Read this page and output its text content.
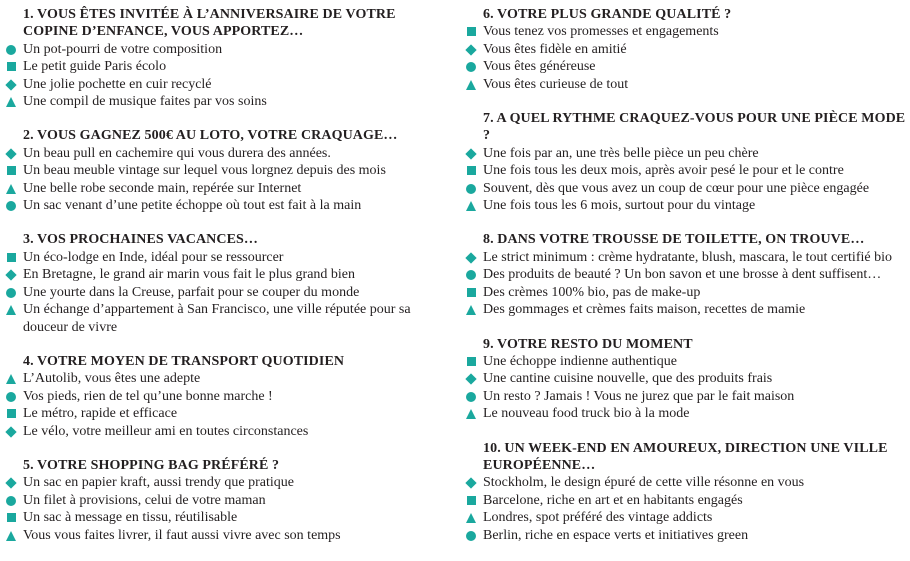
1. VOUS ÊTES INVITÉE À L’ANNIVERSAIRE DE VOTRE COPINE D’ENFANCE, VOUS APPORTEZ…

Un pot-pourri de votre composition

Le petit guide Paris écolo

Une jolie pochette en cuir recyclé

Une compil de musique faites par vos soins

2. VOUS GAGNEZ 500€ AU LOTO, VOTRE CRAQUAGE…

Un beau pull en cachemire qui vous durera des années.

Un beau meuble vintage sur lequel vous lorgnez depuis des mois

Une belle robe seconde main, repérée sur Internet

Un sac venant d’une petite échoppe où tout est fait à la main

3. VOS PROCHAINES VACANCES…

Un éco-lodge en Inde, idéal pour se ressourcer

En Bretagne, le grand air marin vous fait le plus grand bien

Une yourte dans la Creuse, parfait pour se couper du monde

Un échange d’appartement à San Francisco, une ville réputée pour sa douceur de vivre

4. VOTRE MOYEN DE TRANSPORT QUOTIDIEN

L’Autolib, vous êtes une adepte

Vos pieds, rien de tel qu’une bonne marche !

Le métro, rapide et efficace

Le vélo, votre meilleur ami en toutes circonstances

5. VOTRE SHOPPING BAG PRÉFÉRÉ ?

Un sac en papier kraft, aussi trendy que pratique

Un filet à provisions, celui de votre maman

Un sac à message en tissu, réutilisable

Vous vous faites livrer, il faut aussi vivre avec son temps

6. VOTRE PLUS GRANDE QUALITÉ ?

Vous tenez vos promesses et engagements

Vous êtes fidèle en amitié

Vous êtes généreuse

Vous êtes curieuse de tout

7. A QUEL RYTHME CRAQUEZ-VOUS POUR UNE PIÈCE MODE ?

Une fois par an, une très belle pièce un peu chère

Une fois tous les deux mois, après avoir pesé le pour et le contre

Souvent, dès que vous avez un coup de cœur pour une pièce engagée

Une fois tous les 6 mois, surtout pour du vintage

8. DANS VOTRE TROUSSE DE TOILETTE, ON TROUVE…

Le strict minimum : crème hydratante, blush, mascara, le tout certifié bio

Des produits de beauté ? Un bon savon et une brosse à dent suffisent…

Des crèmes 100% bio, pas de make-up

Des gommages et crèmes faits maison, recettes de mamie

9. VOTRE RESTO DU MOMENT

Une échoppe indienne authentique

Une cantine cuisine nouvelle, que des produits frais

Un resto ? Jamais ! Vous ne jurez que par le fait maison

Le nouveau food truck bio à la mode

10. UN WEEK-END EN AMOUREUX, DIRECTION UNE VILLE EUROPÉENNE…

Stockholm, le design épuré de cette ville résonne en vous

Barcelone, riche en art et en habitants engagés

Londres, spot préféré des vintage addicts

Berlin, riche en espace verts et initiatives green
